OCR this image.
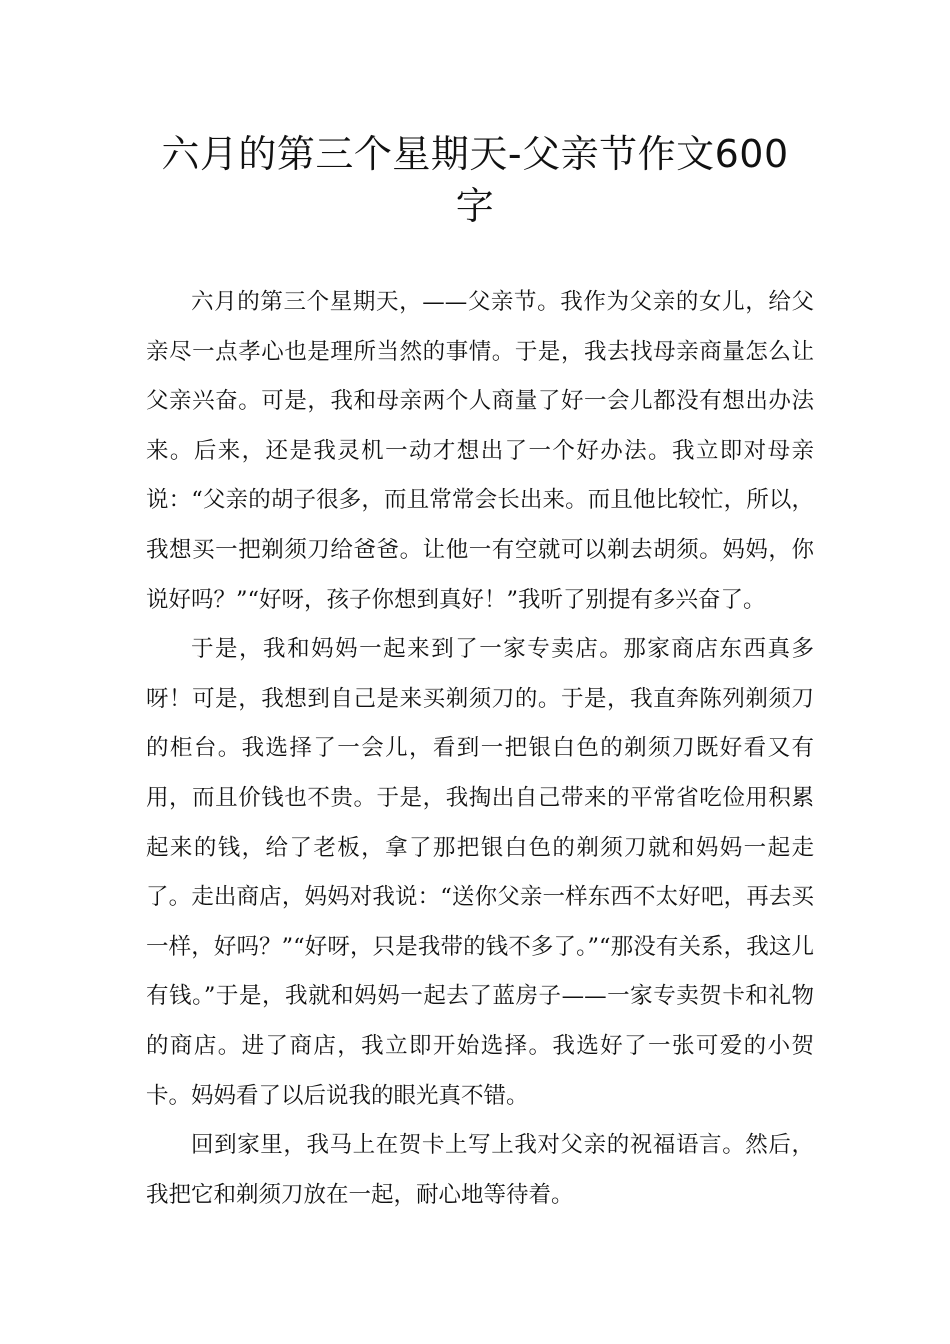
六月的第三个星期天-父亲节作文600字

六月的第三个星期天，——父亲节。我作为父亲的女儿，给父亲尽一点孝心也是理所当然的事情。于是，我去找母亲商量怎么让父亲兴奋。可是，我和母亲两个人商量了好一会儿都没有想出办法来。后来，还是我灵机一动才想出了一个好办法。我立即对母亲说：“父亲的胡子很多，而且常常会长出来。而且他比较忙，所以，我想买一把剃须刀给爸爸。让他一有空就可以剃去胡须。妈妈，你说好吗？”“好呀，孩子你想到真好！”我听了别提有多兴奋了。

于是，我和妈妈一起来到了一家专卖店。那家商店东西真多呀！可是，我想到自己是来买剃须刀的。于是，我直奔陈列剃须刀的柜台。我选择了一会儿，看到一把银白色的剃须刀既好看又有用，而且价钱也不贵。于是，我掏出自己带来的平常省吃俭用积累起来的钱，给了老板，拿了那把银白色的剃须刀就和妈妈一起走了。走出商店，妈妈对我说：“送你父亲一样东西不太好吧，再去买一样，好吗？”“好呀，只是我带的钱不多了。”“那没有关系，我这儿有钱。”于是，我就和妈妈一起去了蓝房子——一家专卖贺卡和礼物的商店。进了商店，我立即开始选择。我选好了一张可爱的小贺卡。妈妈看了以后说我的眼光真不错。

回到家里，我马上在贺卡上写上我对父亲的祝福语言。然后，我把它和剃须刀放在一起，耐心地等待着。
